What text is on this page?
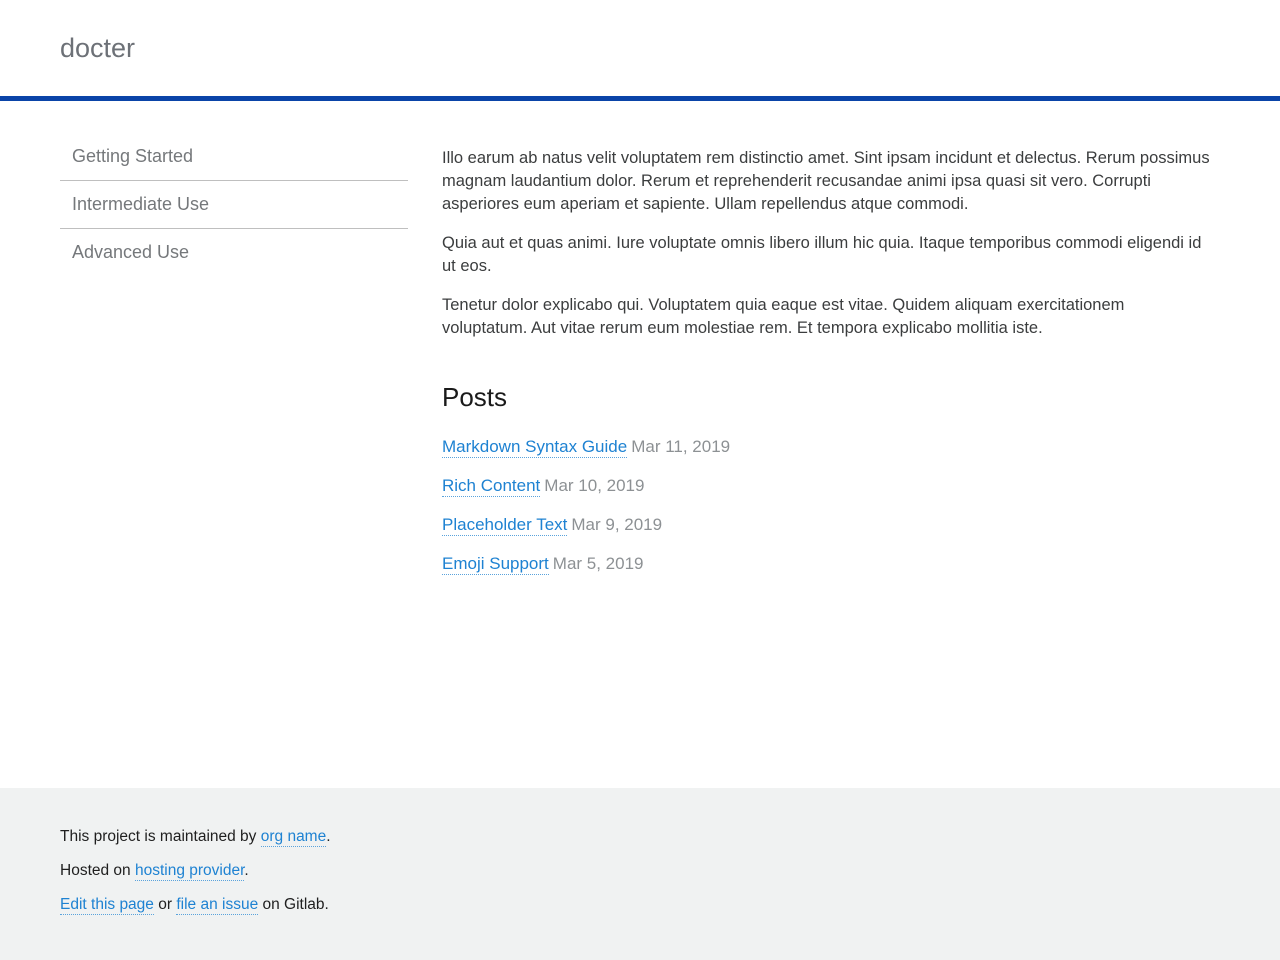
docter
Getting Started
Intermediate Use
Advanced Use

Illo earum ab natus velit voluptatem rem distinctio amet. Sint ipsam incidunt et delectus. Rerum possimus magnam laudantium dolor. Rerum et reprehenderit recusandae animi ipsa quasi sit vero. Corrupti asperiores eum aperiam et sapiente. Ullam repellendus atque commodi.

Quia aut et quas animi. Iure voluptate omnis libero illum hic quia. Itaque temporibus commodi eligendi id ut eos.

Tenetur dolor explicabo qui. Voluptatem quia eaque est vitae. Quidem aliquam exercitationem voluptatum. Aut vitae rerum eum molestiae rem. Et tempora explicabo mollitia iste.

Posts
Markdown Syntax Guide Mar 11, 2019
Rich Content Mar 10, 2019
Placeholder Text Mar 9, 2019
Emoji Support Mar 5, 2019

This project is maintained by org name.

Hosted on hosting provider.

Edit this page or file an issue on Gitlab.
